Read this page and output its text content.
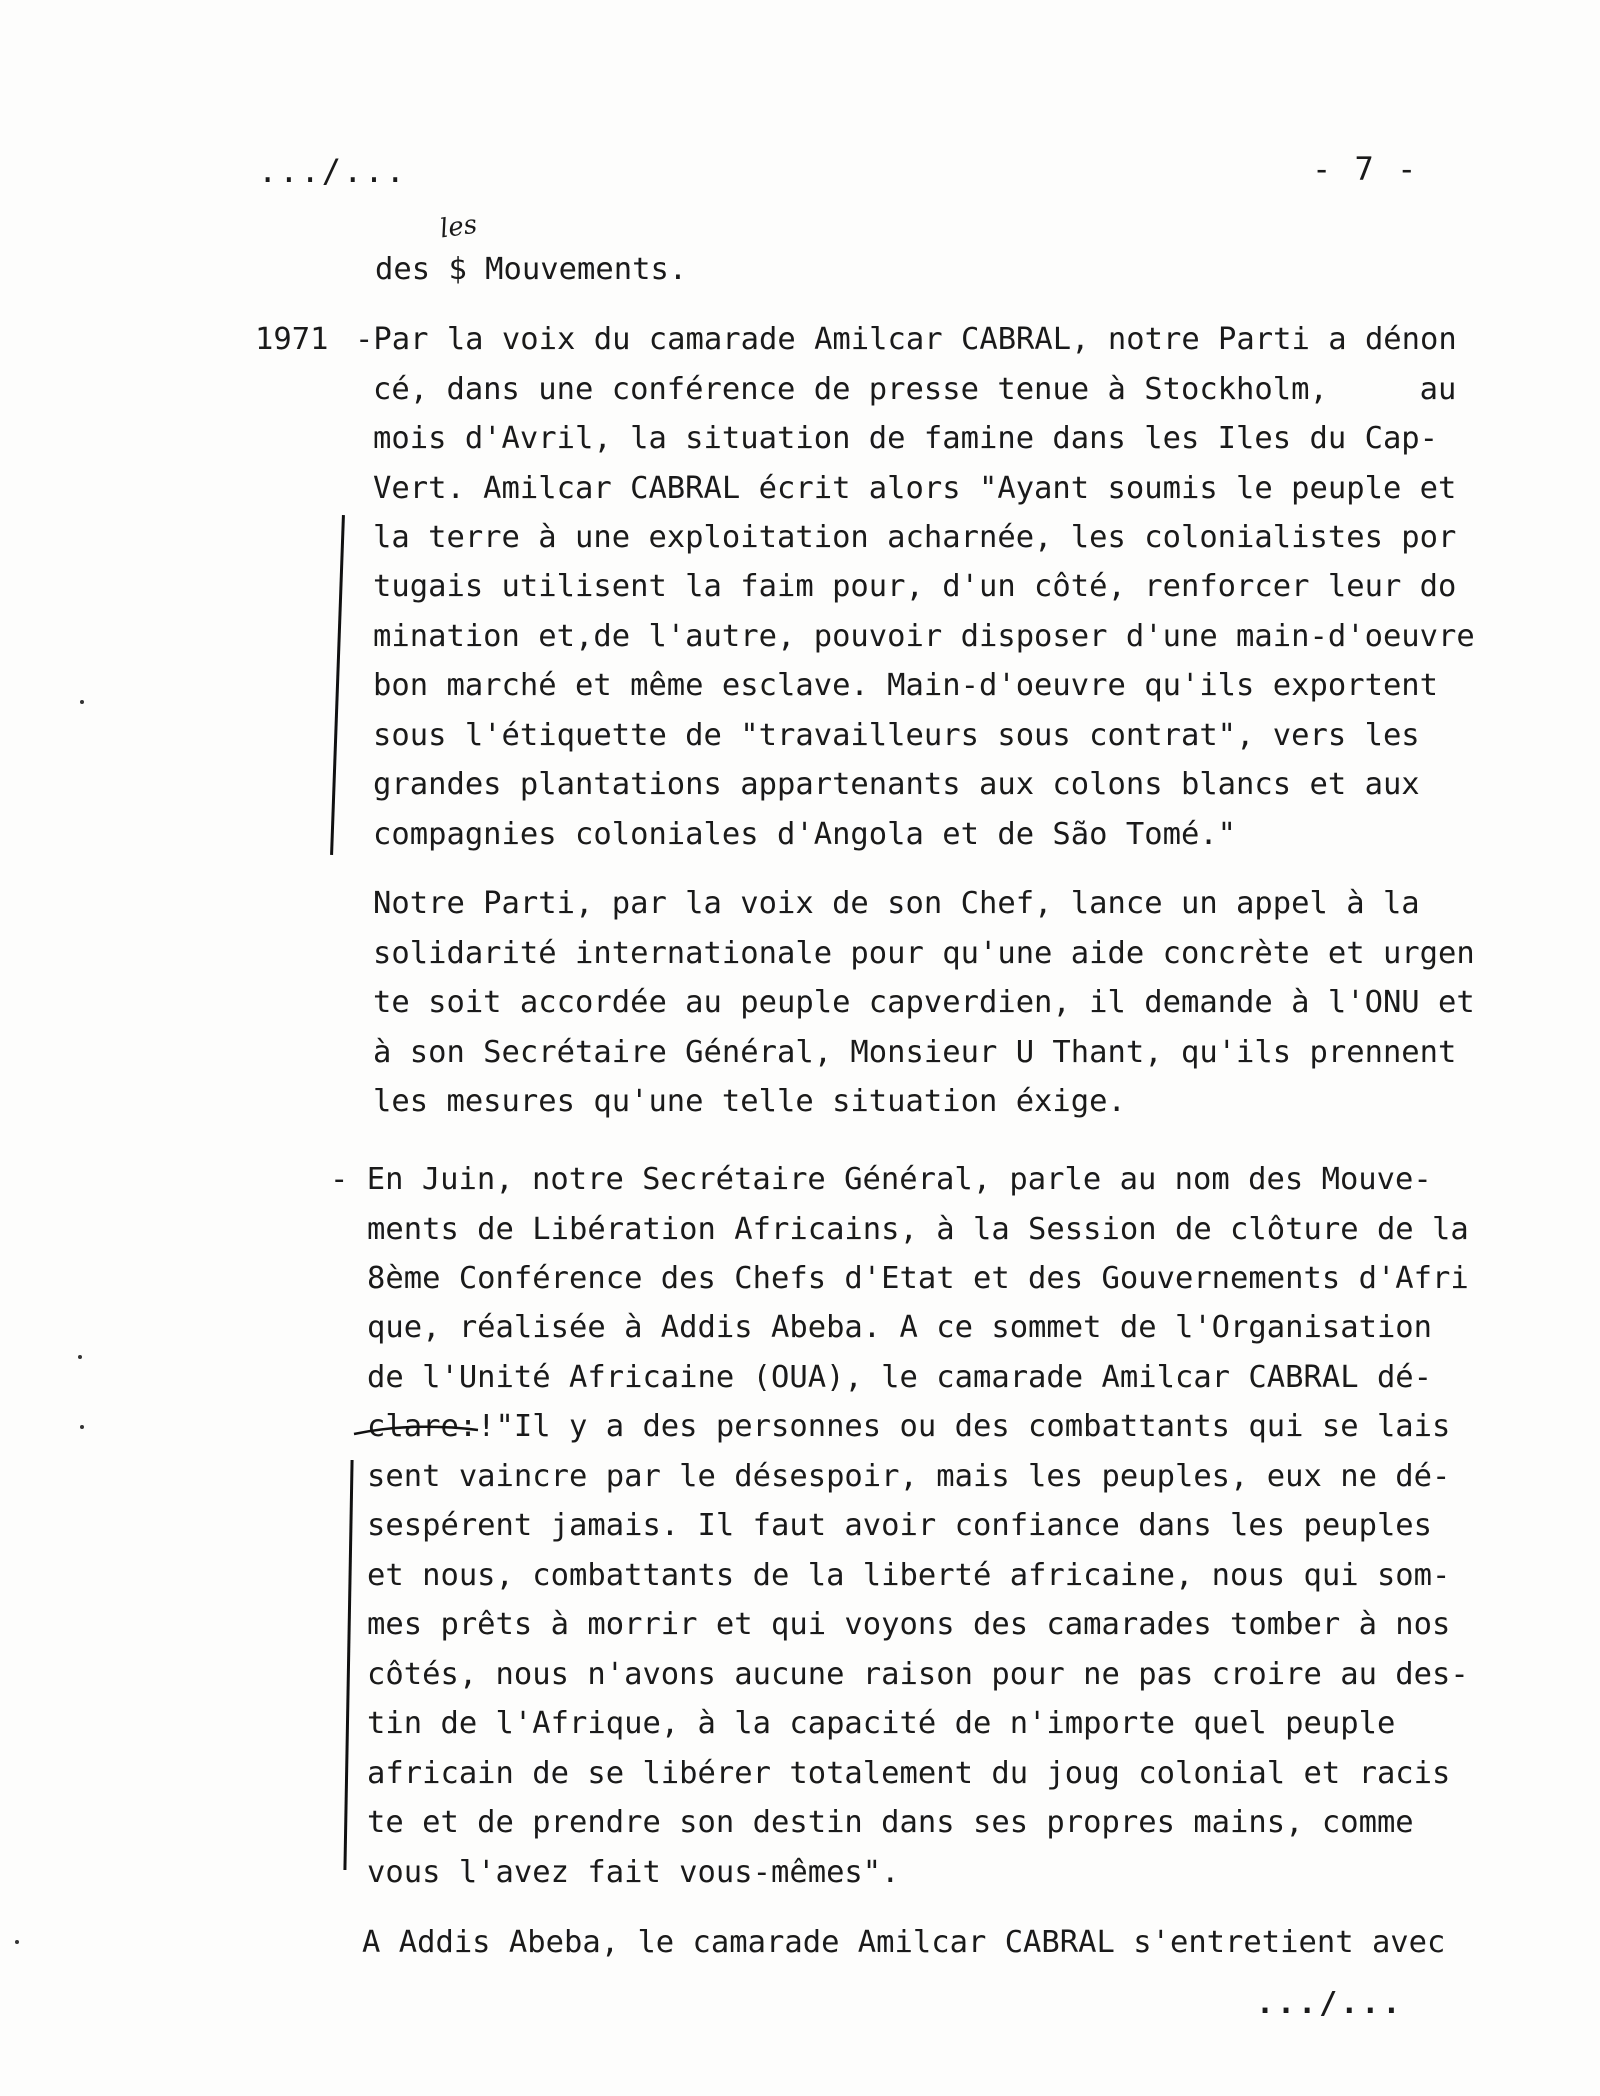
.../...	- 7 -
les
des $ Mouvements.
1971 -Par la voix du camarade Amilcar CABRAL, notre Parti a dénon
cé, dans une conférence de presse tenue à Stockholm,     au
mois d'Avril, la situation de famine dans les Iles du Cap-
Vert. Amilcar CABRAL écrit alors "Ayant soumis le peuple et
la terre à une exploitation acharnée, les colonialistes por
tugais utilisent la faim pour, d'un côté, renforcer leur do
mination et,de l'autre, pouvoir disposer d'une main-d'oeuvre
bon marché et même esclave. Main-d'oeuvre qu'ils exportent
sous l'étiquette de "travailleurs sous contrat", vers les
grandes plantations appartenants aux colons blancs et aux
compagnies coloniales d'Angola et de São Tomé."
Notre Parti, par la voix de son Chef, lance un appel à la
solidarité internationale pour qu'une aide concrète et urgen
te soit accordée au peuple capverdien, il demande à l'ONU et
à son Secrétaire Général, Monsieur U Thant, qu'ils prennent
les mesures qu'une telle situation éxige.
- En Juin, notre Secrétaire Général, parle au nom des Mouve-
ments de Libération Africains, à la Session de clôture de la
8ème Conférence des Chefs d'Etat et des Gouvernements d'Afri
que, réalisée à Addis Abeba. A ce sommet de l'Organisation
de l'Unité Africaine (OUA), le camarade Amilcar CABRAL dé-
clare:!"Il y a des personnes ou des combattants qui se lais
sent vaincre par le désespoir, mais les peuples, eux ne dé-
sespérent jamais. Il faut avoir confiance dans les peuples
et nous, combattants de la liberté africaine, nous qui som-
mes prêts à morrir et qui voyons des camarades tomber à nos
côtés, nous n'avons aucune raison pour ne pas croire au des-
tin de l'Afrique, à la capacité de n'importe quel peuple
africain de se libérer totalement du joug colonial et racis
te et de prendre son destin dans ses propres mains, comme
vous l'avez fait vous-mêmes".
A Addis Abeba, le camarade Amilcar CABRAL s'entretient avec
.../...
